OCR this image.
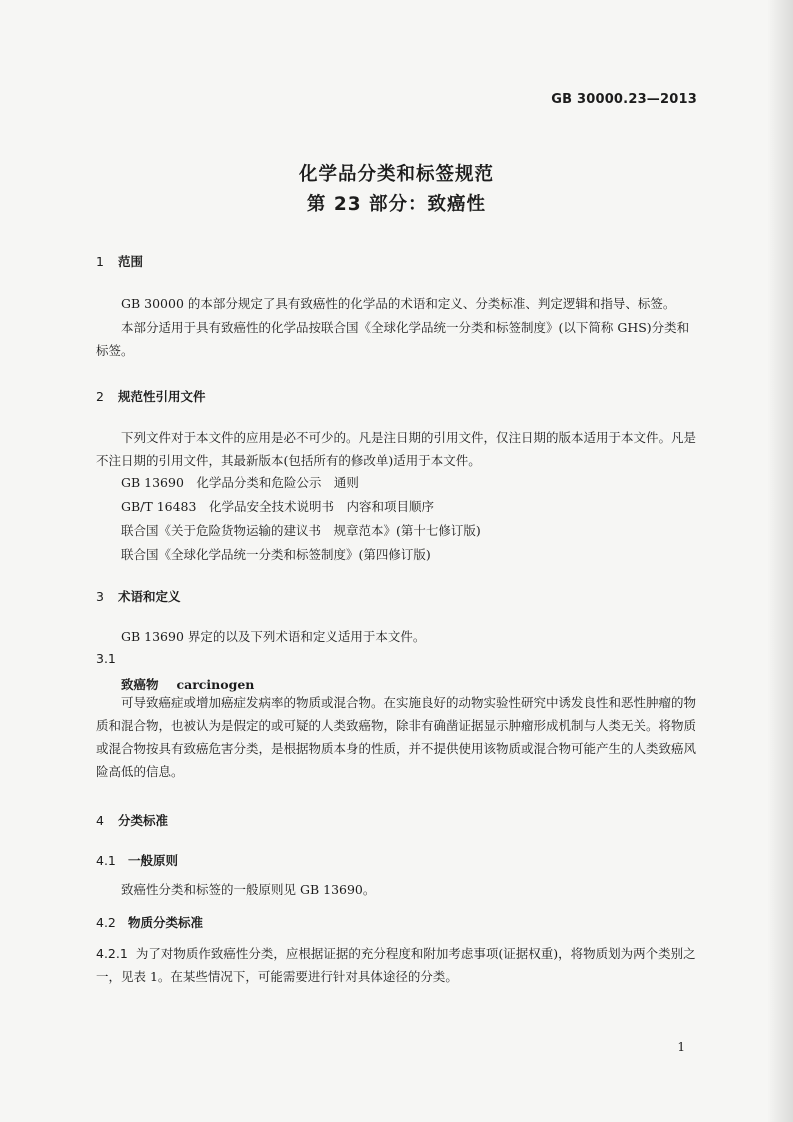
GB 30000.23—2013
化学品分类和标签规范
第 23 部分：致癌性
1 范围

GB 30000 的本部分规定了具有致癌性的化学品的术语和定义、分类标准、判定逻辑和指导、标签。

本部分适用于具有致癌性的化学品按联合国《全球化学品统一分类和标签制度》(以下简称 GHS)分类和标签。

2 规范性引用文件

下列文件对于本文件的应用是必不可少的。凡是注日期的引用文件，仅注日期的版本适用于本文件。凡是不注日期的引用文件，其最新版本(包括所有的修改单)适用于本文件。

GB 13690　化学品分类和危险公示　通则
GB/T 16483　化学品安全技术说明书　内容和项目顺序
联合国《关于危险货物运输的建议书　规章范本》(第十七修订版)
联合国《全球化学品统一分类和标签制度》(第四修订版)
3 术语和定义
GB 13690 界定的以及下列术语和定义适用于本文件。
3.1
致癌物 carcinogen

可导致癌症或增加癌症发病率的物质或混合物。在实施良好的动物实验性研究中诱发良性和恶性肿瘤的物质和混合物，也被认为是假定的或可疑的人类致癌物，除非有确凿证据显示肿瘤形成机制与人类无关。将物质或混合物按具有致癌危害分类，是根据物质本身的性质，并不提供使用该物质或混合物可能产生的人类致癌风险高低的信息。

4 分类标准
4.1 一般原则
致癌性分类和标签的一般原则见 GB 13690。
4.2 物质分类标准

4.2.1 为了对物质作致癌性分类，应根据证据的充分程度和附加考虑事项(证据权重)，将物质划为两个类别之一，见表 1。在某些情况下，可能需要进行针对具体途径的分类。

1
